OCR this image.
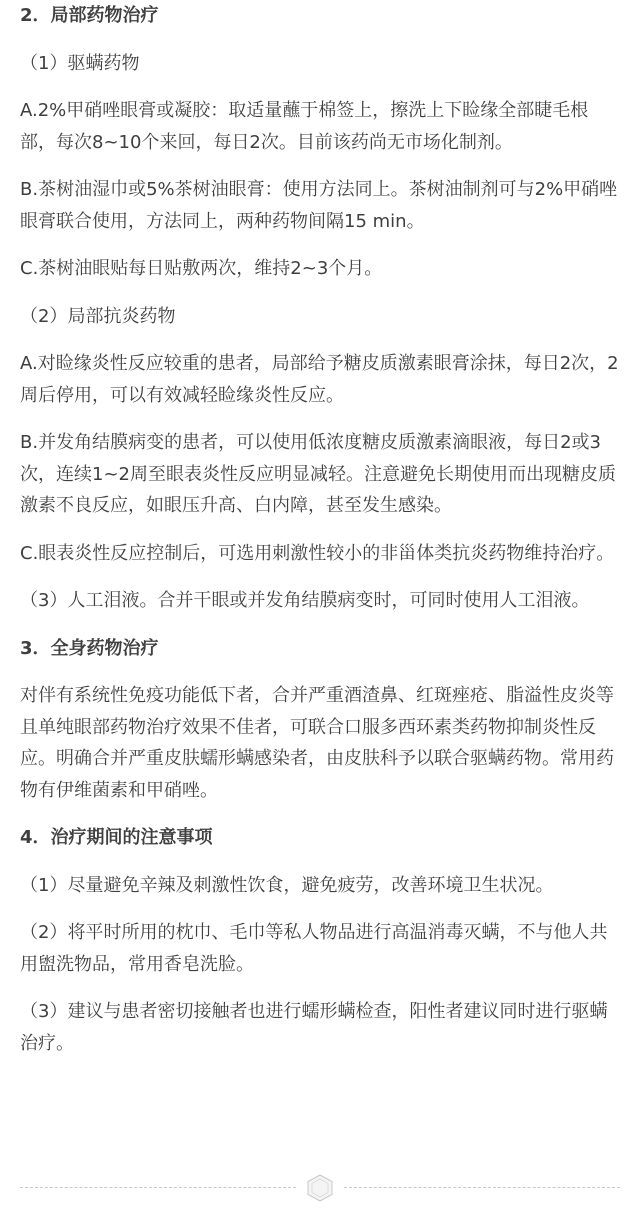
2．局部药物治疗
（1）驱螨药物
A.2%甲硝唑眼膏或凝胶：取适量蘸于棉签上，擦洗上下睑缘全部睫毛根部，每次8~10个来回，每日2次。目前该药尚无市场化制剂。
B.茶树油湿巾或5%茶树油眼膏：使用方法同上。茶树油制剂可与2%甲硝唑眼膏联合使用，方法同上，两种药物间隔15 min。
C.茶树油眼贴每日贴敷两次，维持2~3个月。
（2）局部抗炎药物
A.对睑缘炎性反应较重的患者，局部给予糖皮质激素眼膏涂抹，每日2次，2周后停用，可以有效减轻睑缘炎性反应。
B.并发角结膜病变的患者，可以使用低浓度糖皮质激素滴眼液，每日2或3次，连续1~2周至眼表炎性反应明显减轻。注意避免长期使用而出现糖皮质激素不良反应，如眼压升高、白内障，甚至发生感染。
C.眼表炎性反应控制后，可选用刺激性较小的非甾体类抗炎药物维持治疗。
（3）人工泪液。合并干眼或并发角结膜病变时，可同时使用人工泪液。
3．全身药物治疗
对伴有系统性免疫功能低下者，合并严重酒渣鼻、红斑痤疮、脂溢性皮炎等且单纯眼部药物治疗效果不佳者，可联合口服多西环素类药物抑制炎性反应。明确合并严重皮肤蠕形螨感染者，由皮肤科予以联合驱螨药物。常用药物有伊维菌素和甲硝唑。
4．治疗期间的注意事项
（1）尽量避免辛辣及刺激性饮食，避免疲劳，改善环境卫生状况。
（2）将平时所用的枕巾、毛巾等私人物品进行高温消毒灭螨，不与他人共用盥洗物品，常用香皂洗脸。
（3）建议与患者密切接触者也进行蠕形螨检查，阳性者建议同时进行驱螨治疗。
